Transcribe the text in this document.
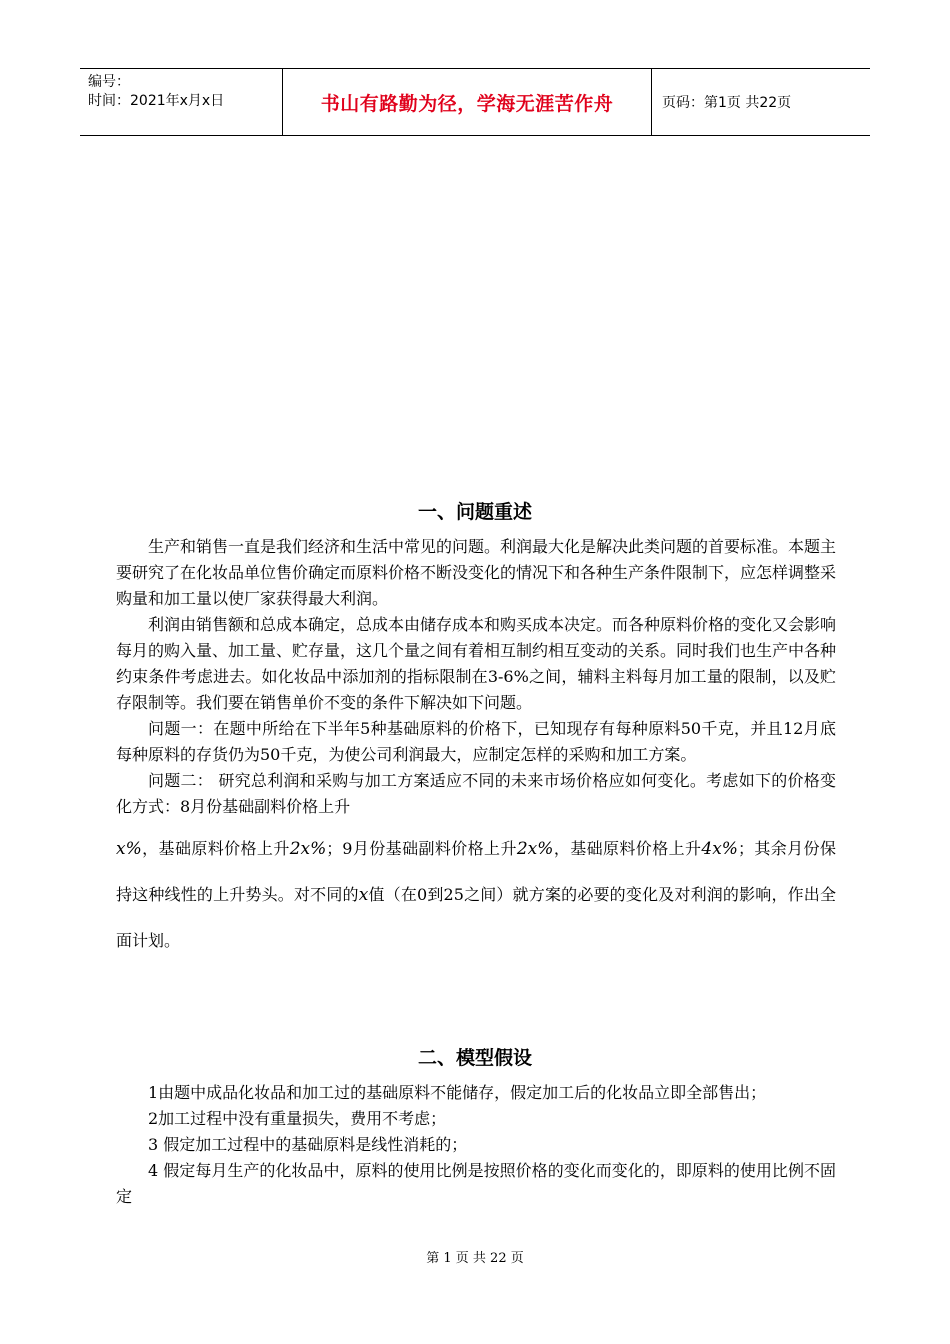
编号：
时间：2021年x月x日	书山有路勤为径，学海无涯苦作舟	页码：第1页 共22页
一、问题重述

生产和销售一直是我们经济和生活中常见的问题。利润最大化是解决此类问题的首要标准。本题主要研究了在化妆品单位售价确定而原料价格不断没变化的情况下和各种生产条件限制下，应怎样调整采购量和加工量以使厂家获得最大利润。

利润由销售额和总成本确定，总成本由储存成本和购买成本决定。而各种原料价格的变化又会影响每月的购入量、加工量、贮存量，这几个量之间有着相互制约相互变动的关系。同时我们也生产中各种约束条件考虑进去。如化妆品中添加剂的指标限制在3-6%之间，辅料主料每月加工量的限制，以及贮存限制等。我们要在销售单价不变的条件下解决如下问题。

问题一：在题中所给在下半年5种基础原料的价格下，已知现存有每种原料50千克，并且12月底每种原料的存货仍为50千克，为使公司利润最大，应制定怎样的采购和加工方案。

问题二： 研究总利润和采购与加工方案适应不同的未来市场价格应如何变化。考虑如下的价格变化方式：8月份基础副料价格上升

x%，基础原料价格上升2x%；9月份基础副料价格上升2x%，基础原料价格上升4x%；其余月份保持这种线性的上升势头。对不同的x值（在0到25之间）就方案的必要的变化及对利润的影响，作出全面计划。
二、模型假设

1由题中成品化妆品和加工过的基础原料不能储存，假定加工后的化妆品立即全部售出；

2加工过程中没有重量损失，费用不考虑；

3 假定加工过程中的基础原料是线性消耗的；

4 假定每月生产的化妆品中，原料的使用比例是按照价格的变化而变化的，即原料的使用比例不固定

第 1 页 共 22 页
